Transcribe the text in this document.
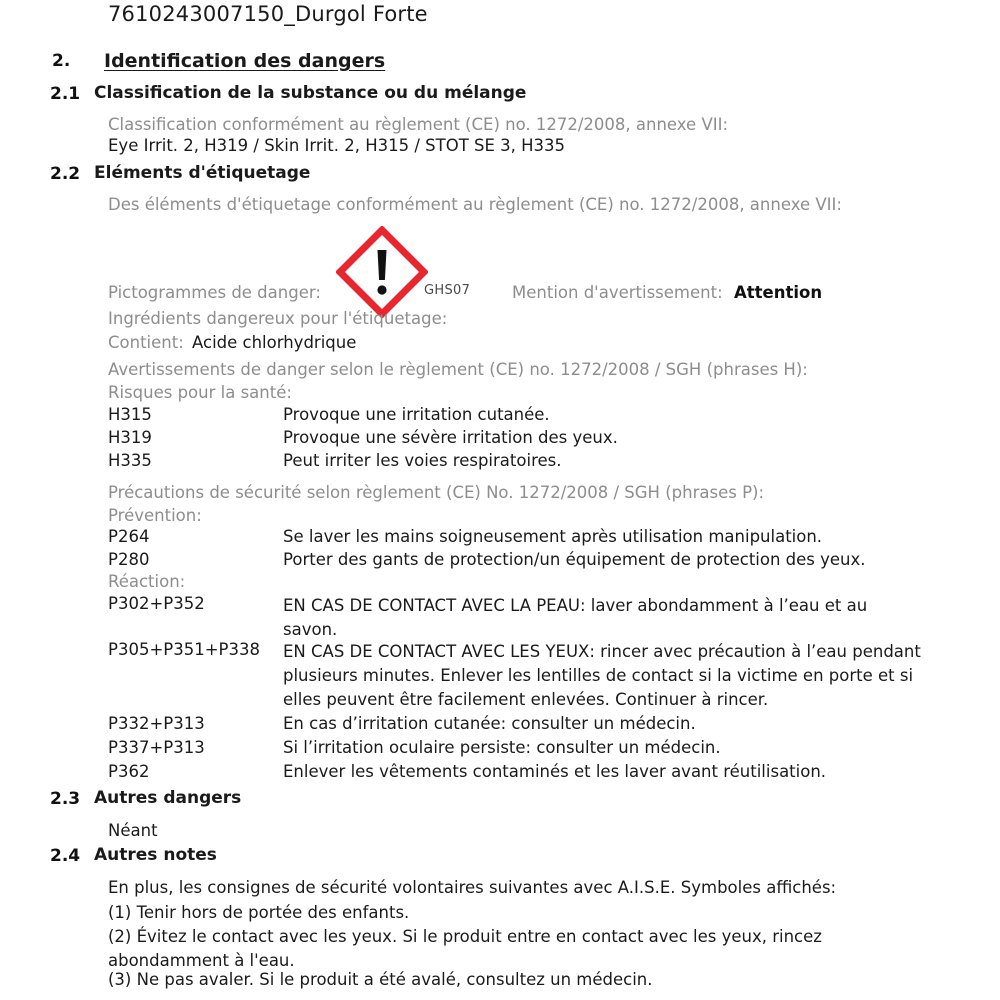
7610243007150_Durgol Forte
2. Identification des dangers
2.1 Classification de la substance ou du mélange
Classification conformément au règlement (CE) no. 1272/2008, annexe VII:
Eye Irrit. 2, H319 / Skin Irrit. 2, H315 / STOT SE 3, H335
2.2 Eléments d'étiquetage
Des éléments d'étiquetage conformément au règlement (CE) no. 1272/2008, annexe VII:
GHS07
Pictogrammes de danger:	Mention d'avertissement: Attention
Ingrédients dangereux pour l'étiquetage:
Contient: Acide chlorhydrique
Avertissements de danger selon le règlement (CE) no. 1272/2008 / SGH (phrases H):
Risques pour la santé:
H315	Provoque une irritation cutanée.
H319	Provoque une sévère irritation des yeux.
H335	Peut irriter les voies respiratoires.
Précautions de sécurité selon règlement (CE) No. 1272/2008 / SGH (phrases P):
Prévention:
P264	Se laver les mains soigneusement après utilisation manipulation.
P280	Porter des gants de protection/un équipement de protection des yeux.
Réaction:
P302+P352	EN CAS DE CONTACT AVEC LA PEAU: laver abondamment à l’eau et au savon.
P305+P351+P338 EN CAS DE CONTACT AVEC LES YEUX: rincer avec précaution à l’eau pendant plusieurs minutes. Enlever les lentilles de contact si la victime en porte et si elles peuvent être facilement enlevées. Continuer à rincer.
P332+P313	En cas d’irritation cutanée: consulter un médecin.
P337+P313	Si l’irritation oculaire persiste: consulter un médecin.
P362	Enlever les vêtements contaminés et les laver avant réutilisation.
2.3 Autres dangers
Néant
2.4 Autres notes
En plus, les consignes de sécurité volontaires suivantes avec A.I.S.E. Symboles affichés:
(1) Tenir hors de portée des enfants.
(2) Évitez le contact avec les yeux. Si le produit entre en contact avec les yeux, rincez abondamment à l'eau.
(3) Ne pas avaler. Si le produit a été avalé, consultez un médecin.
